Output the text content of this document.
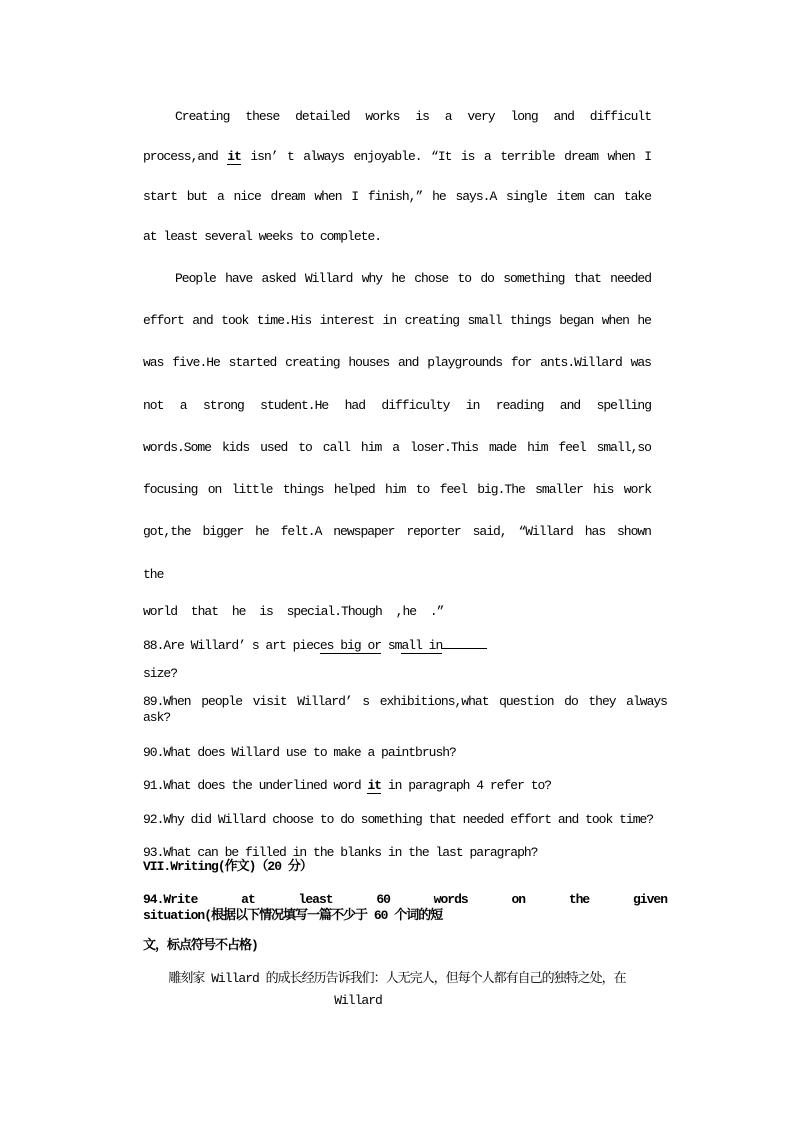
Creating these detailed works is a very long and difficult
process,and it isn’ t always enjoyable. “It is a terrible dream when I
start but a nice dream when I finish,” he says.A single item can take
at least several weeks to complete.
People have asked Willard why he chose to do something that needed
effort and took time.His interest in creating small things began when he
was five.He started creating houses and playgrounds for ants.Willard was
not a strong student.He had difficulty in reading and spelling
words.Some kids used to call him a loser.This made him feel small,so
focusing on little things helped him to feel big.The smaller his work
got,the bigger he felt.A newspaper reporter said, “Willard has shown
the
world that he is special.Though ,he .”
88.Are Willard’ s art pieces big or small in
size?
89.When people visit Willard’ s exhibitions,what question do they always
ask?
90.What does Willard use to make a paintbrush?
91.What does the underlined word it in paragraph 4 refer to?
92.Why did Willard choose to do something that needed effort and took time?
93.What can be filled in the blanks in the last paragraph?
VII.Writing(作文)（20 分）
94.Write at least 60 words on the given
situation(根据以下情况填写一篇不少于 60 个词的短
文，标点符号不占格)
雕刻家 Willard 的成长经历告诉我们：人无完人，但每个人都有自己的独特之处，在
Willard
